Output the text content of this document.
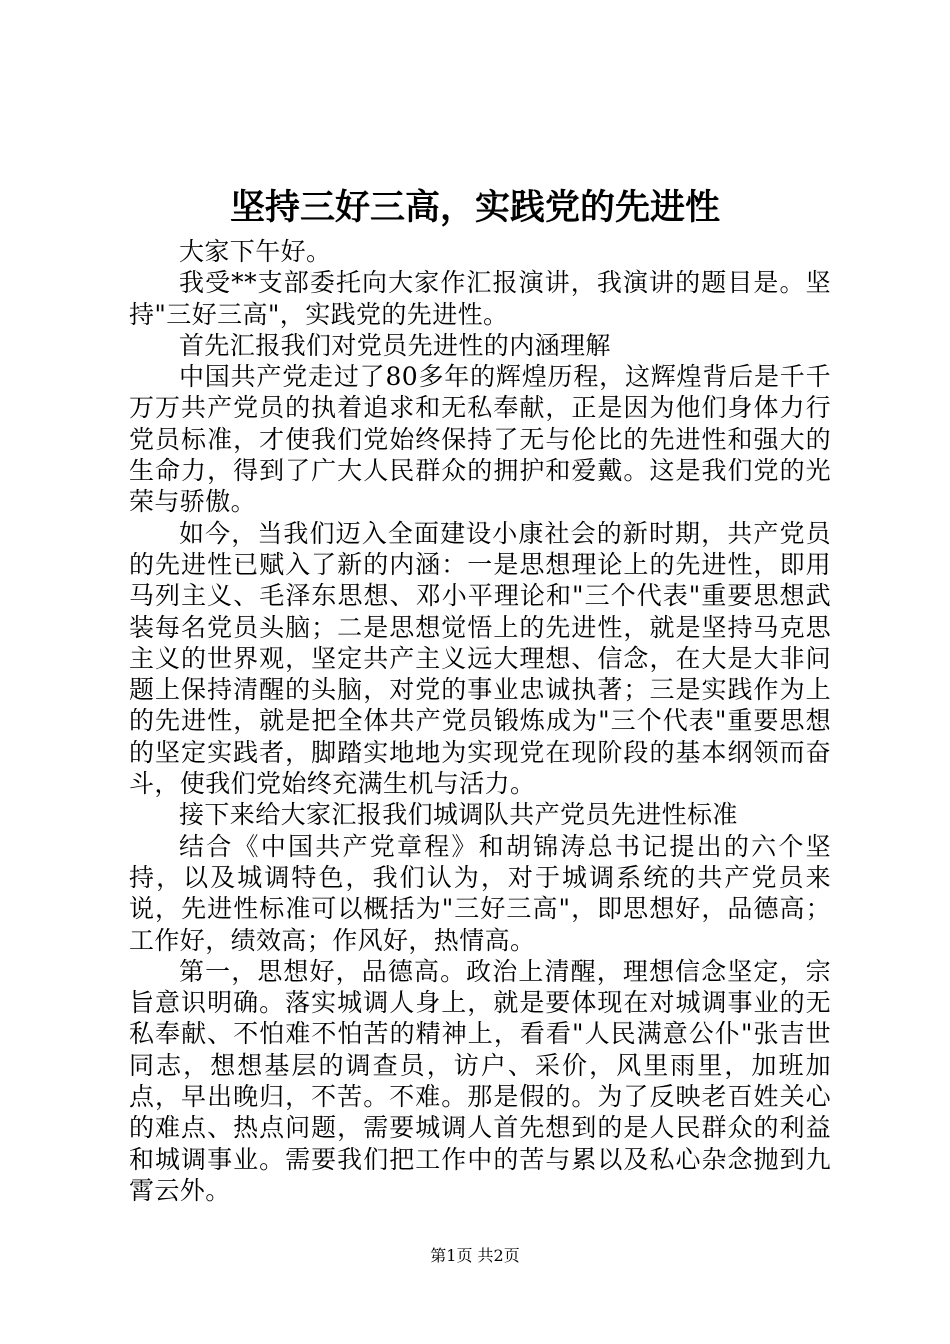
坚持三好三高，实践党的先进性

大家下午好。

我受**支部委托向大家作汇报演讲，我演讲的题目是。坚持"三好三高"，实践党的先进性。

首先汇报我们对党员先进性的内涵理解

中国共产党走过了80多年的辉煌历程，这辉煌背后是千千万万共产党员的执着追求和无私奉献，正是因为他们身体力行党员标准，才使我们党始终保持了无与伦比的先进性和强大的生命力，得到了广大人民群众的拥护和爱戴。这是我们党的光荣与骄傲。

如今，当我们迈入全面建设小康社会的新时期，共产党员的先进性已赋入了新的内涵：一是思想理论上的先进性，即用马列主义、毛泽东思想、邓小平理论和"三个代表"重要思想武装每名党员头脑；二是思想觉悟上的先进性，就是坚持马克思主义的世界观，坚定共产主义远大理想、信念，在大是大非问题上保持清醒的头脑，对党的事业忠诚执著；三是实践作为上的先进性，就是把全体共产党员锻炼成为"三个代表"重要思想的坚定实践者，脚踏实地地为实现党在现阶段的基本纲领而奋斗，使我们党始终充满生机与活力。

接下来给大家汇报我们城调队共产党员先进性标准

结合《中国共产党章程》和胡锦涛总书记提出的六个坚持，以及城调特色，我们认为，对于城调系统的共产党员来说，先进性标准可以概括为"三好三高"，即思想好，品德高；工作好，绩效高；作风好，热情高。

第一，思想好，品德高。政治上清醒，理想信念坚定，宗旨意识明确。落实城调人身上，就是要体现在对城调事业的无私奉献、不怕难不怕苦的精神上，看看"人民满意公仆"张吉世同志，想想基层的调查员，访户、采价，风里雨里，加班加点，早出晚归，不苦。不难。那是假的。为了反映老百姓关心的难点、热点问题，需要城调人首先想到的是人民群众的利益和城调事业。需要我们把工作中的苦与累以及私心杂念抛到九霄云外。

第1页 共2页
